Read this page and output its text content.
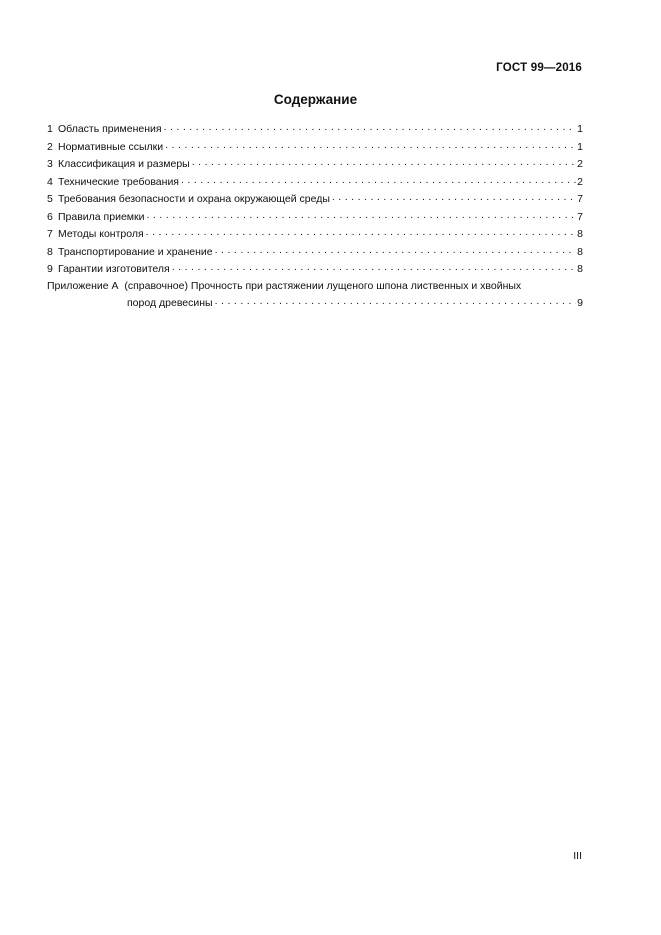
ГОСТ 99—2016
Содержание
1 Область применения . . .	1
2 Нормативные ссылки . . .	1
3 Классификация и размеры . . .	2
4 Технические требования . . .	2
5 Требования безопасности и охрана окружающей среды . . .	7
6 Правила приемки . . .	7
7 Методы контроля . . .	8
8 Транспортирование и хранение . . .	8
9 Гарантии изготовителя . . .	8
Приложение А (справочное) Прочность при растяжении лущеного шпона лиственных и хвойных
пород древесины . . .	9
III
